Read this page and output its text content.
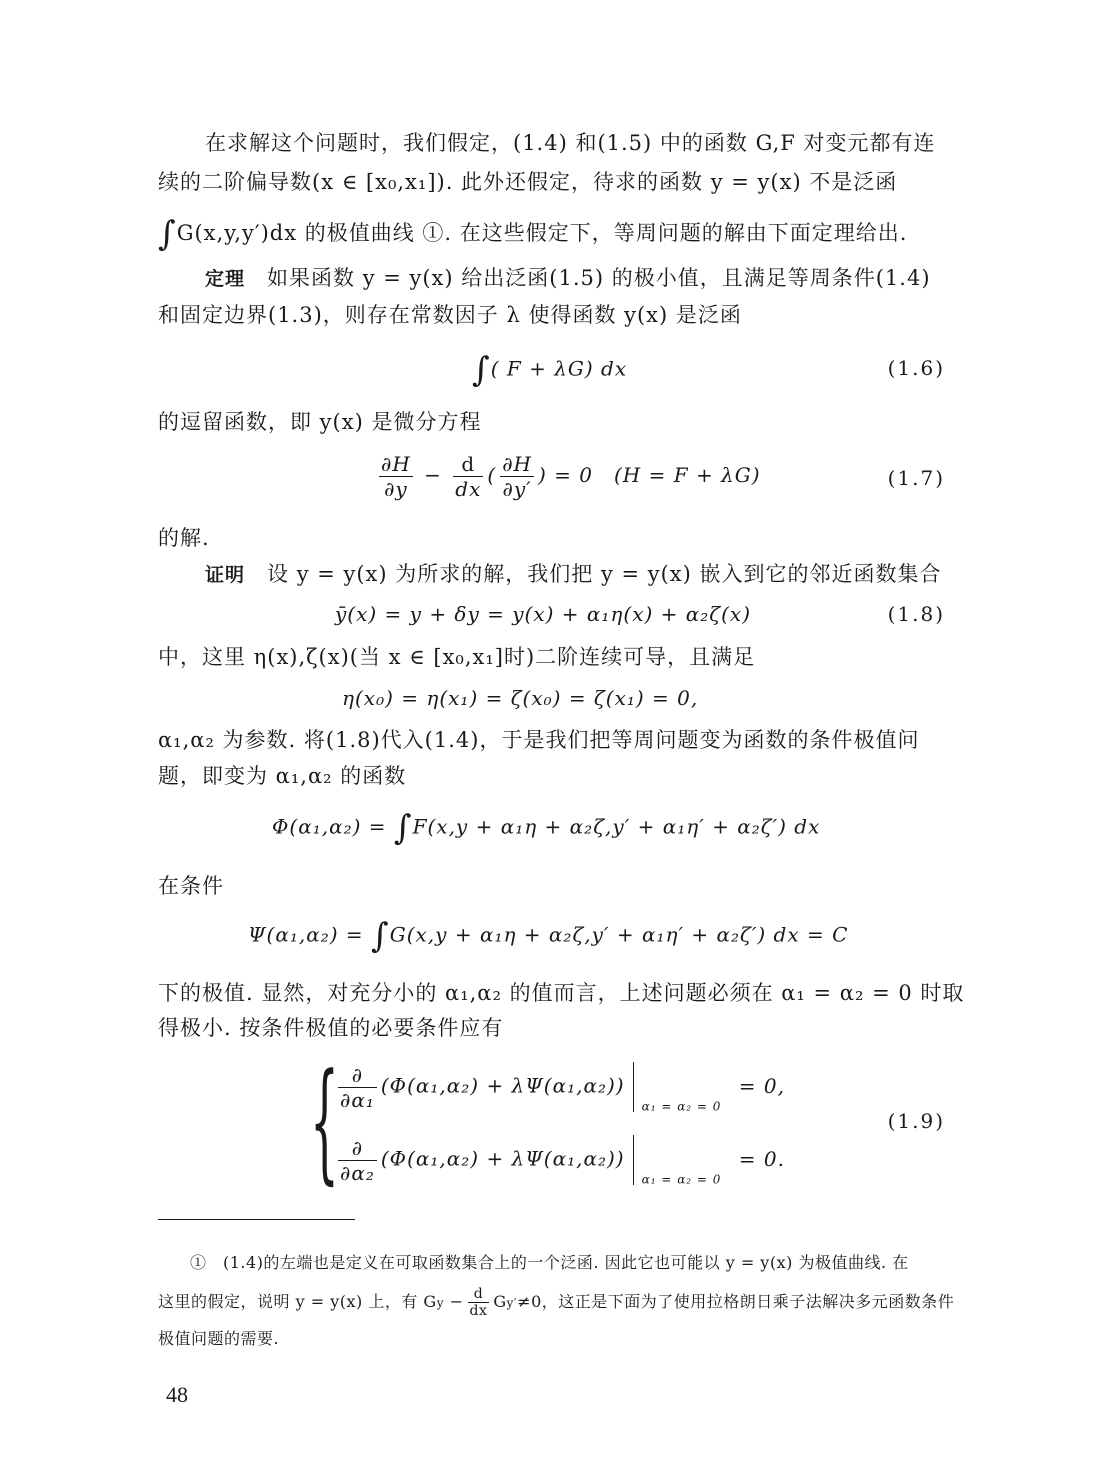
在求解这个问题时，我们假定，(1.4) 和(1.5) 中的函数 G,F 对变元都有连
续的二阶偏导数(x ∈ [x₀,x₁]). 此外还假定，待求的函数 y = y(x) 不是泛函
∫G(x,y,y′)dx 的极值曲线 ①. 在这些假定下，等周问题的解由下面定理给出.
定理　 如果函数 y = y(x) 给出泛函(1.5) 的极小值，且满足等周条件(1.4)
和固定边界(1.3)，则存在常数因子 λ 使得函数 y(x) 是泛函
∫( F + λG) dx	(1.6)
的逗留函数，即 y(x) 是微分方程
$\frac{\partial H}{\partial y} - \frac{d}{dx}$ ( $\frac{\partial H}{\partial y'}$ ) = 0　(H = F + λG)	(1.7)
的解.
证明　 设 y = y(x) 为所求的解，我们把 y = y(x) 嵌入到它的邻近函数集合
ȳ(x) = y + δy = y(x) + α₁η(x) + α₂ζ(x)	(1.8)
中，这里 η(x),ζ(x)(当 x ∈ [x₀,x₁]时)二阶连续可导，且满足
η(x₀) = η(x₁) = ζ(x₀) = ζ(x₁) = 0,
α₁,α₂ 为参数. 将(1.8)代入(1.4)，于是我们把等周问题变为函数的条件极值问
题，即变为 α₁,α₂ 的函数
Φ(α₁,α₂) = ∫F(x,y + α₁η + α₂ζ,y′ + α₁η′ + α₂ζ′) dx
在条件
Ψ(α₁,α₂) = ∫G(x,y + α₁η + α₂ζ,y′ + α₁η′ + α₂ζ′) dx = C
下的极值. 显然，对充分小的 α₁,α₂ 的值而言，上述问题必须在 α₁ = α₂ = 0 时取
得极小. 按条件极值的必要条件应有
{ $\frac{\partial}{\text{∂α₁}} (\Phi(\alpha_1,\alpha_2) + \lambda\Psi(\alpha_1,\alpha_2))_{\alpha_1 = \alpha_2 = 0} = 0$,
$\frac{\partial}{\text{∂α₂}} (\Phi(\alpha_1,\alpha_2) + \lambda\Psi(\alpha_1,\alpha_2))_{\alpha_1 = \alpha_2 = 0} = 0$.
(1.9)
①　(1.4)的左端也是定义在可取函数集合上的一个泛函. 因此它也可能以 y = y(x) 为极值曲线. 在
这里的假定，说明 y = y(x) 上，有 $Gy - \frac{d}{dx} Gy'\ne 0$，这正是下面为了使用拉格朗日乘子法解决多元函数条件
极值问题的需要.
48
